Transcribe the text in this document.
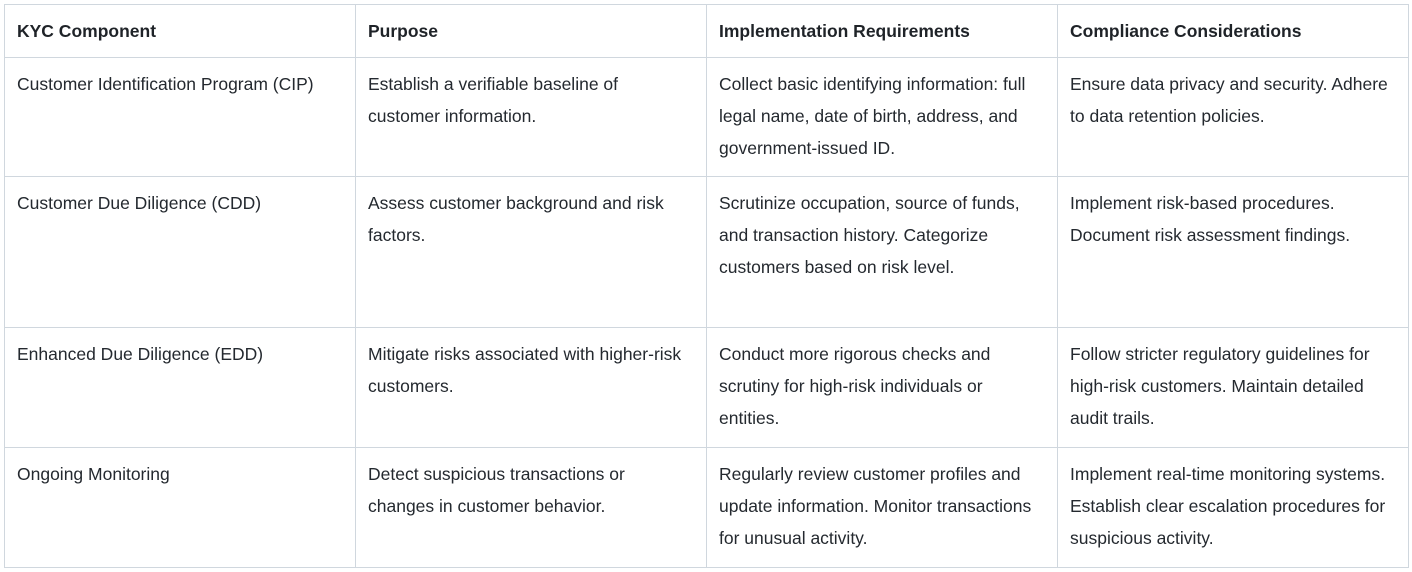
KYC Component	Purpose	Implementation Requirements	Compliance Considerations
Customer Identification Program (CIP)	Establish a verifiable baseline of customer information.	Collect basic identifying information: full legal name, date of birth, address, and government-issued ID.	Ensure data privacy and security. Adhere to data retention policies.
Customer Due Diligence (CDD)	Assess customer background and risk factors.	Scrutinize occupation, source of funds, and transaction history. Categorize customers based on risk level.	Implement risk-based procedures. Document risk assessment findings.
Enhanced Due Diligence (EDD)	Mitigate risks associated with higher-risk customers.	Conduct more rigorous checks and scrutiny for high-risk individuals or entities.	Follow stricter regulatory guidelines for high-risk customers. Maintain detailed audit trails.
Ongoing Monitoring	Detect suspicious transactions or changes in customer behavior.	Regularly review customer profiles and update information. Monitor transactions for unusual activity.	Implement real-time monitoring systems. Establish clear escalation procedures for suspicious activity.
